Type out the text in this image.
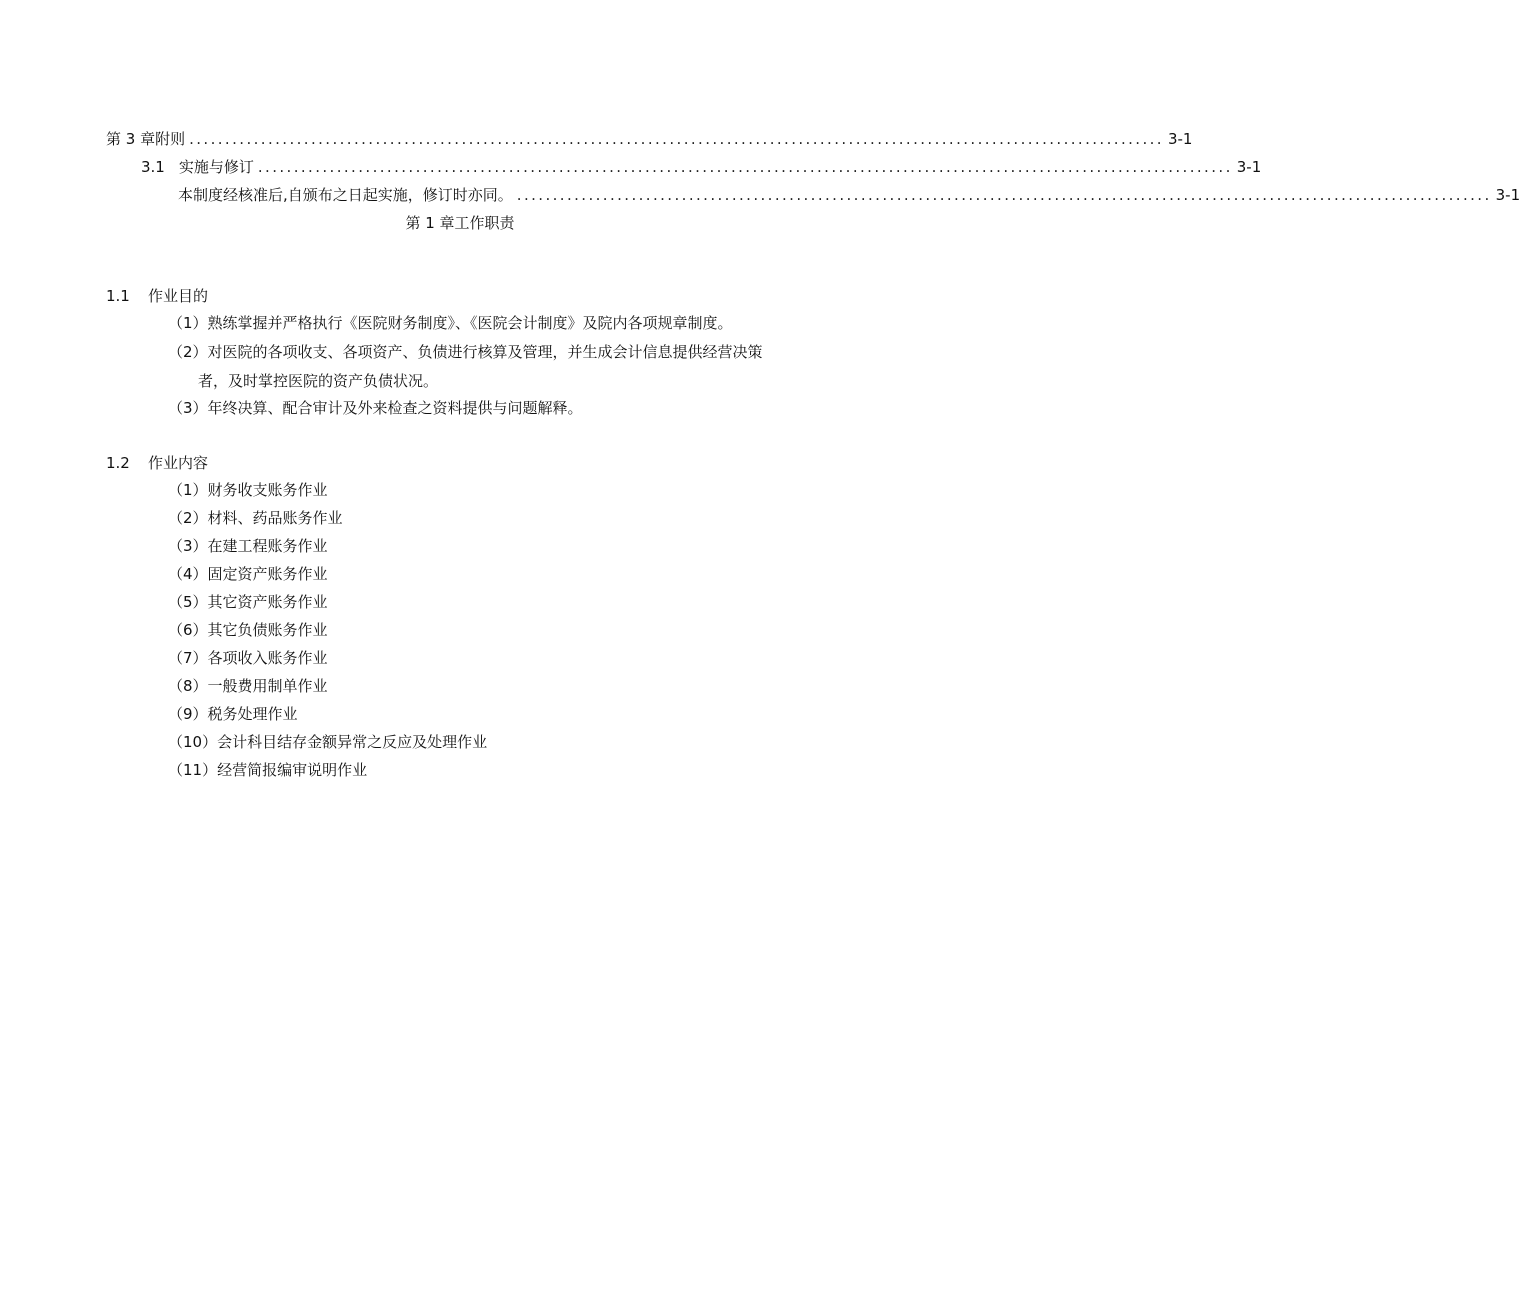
第 3 章附则 ........................................................................................................................................ 3-1
3.1 实施与修订 ........................................................................................................................................ 3-1
本制度经核准后,自颁布之日起实施，修订时亦同。 ........................................................................................................................................ 3-1
第 1 章工作职责
1.1 作业目的
（1）熟练掌握并严格执行《医院财务制度》、《医院会计制度》及院内各项规章制度。
（2）对医院的各项收支、各项资产、负债进行核算及管理，并生成会计信息提供经营决策
者，及时掌控医院的资产负债状况。
（3）年终决算、配合审计及外来检查之资料提供与问题解释。
1.2 作业内容
（1）财务收支账务作业
（2）材料、药品账务作业
（3）在建工程账务作业
（4）固定资产账务作业
（5）其它资产账务作业
（6）其它负债账务作业
（7）各项收入账务作业
（8）一般费用制单作业
（9）税务处理作业
（10）会计科目结存金额异常之反应及处理作业
（11）经营简报编审说明作业
